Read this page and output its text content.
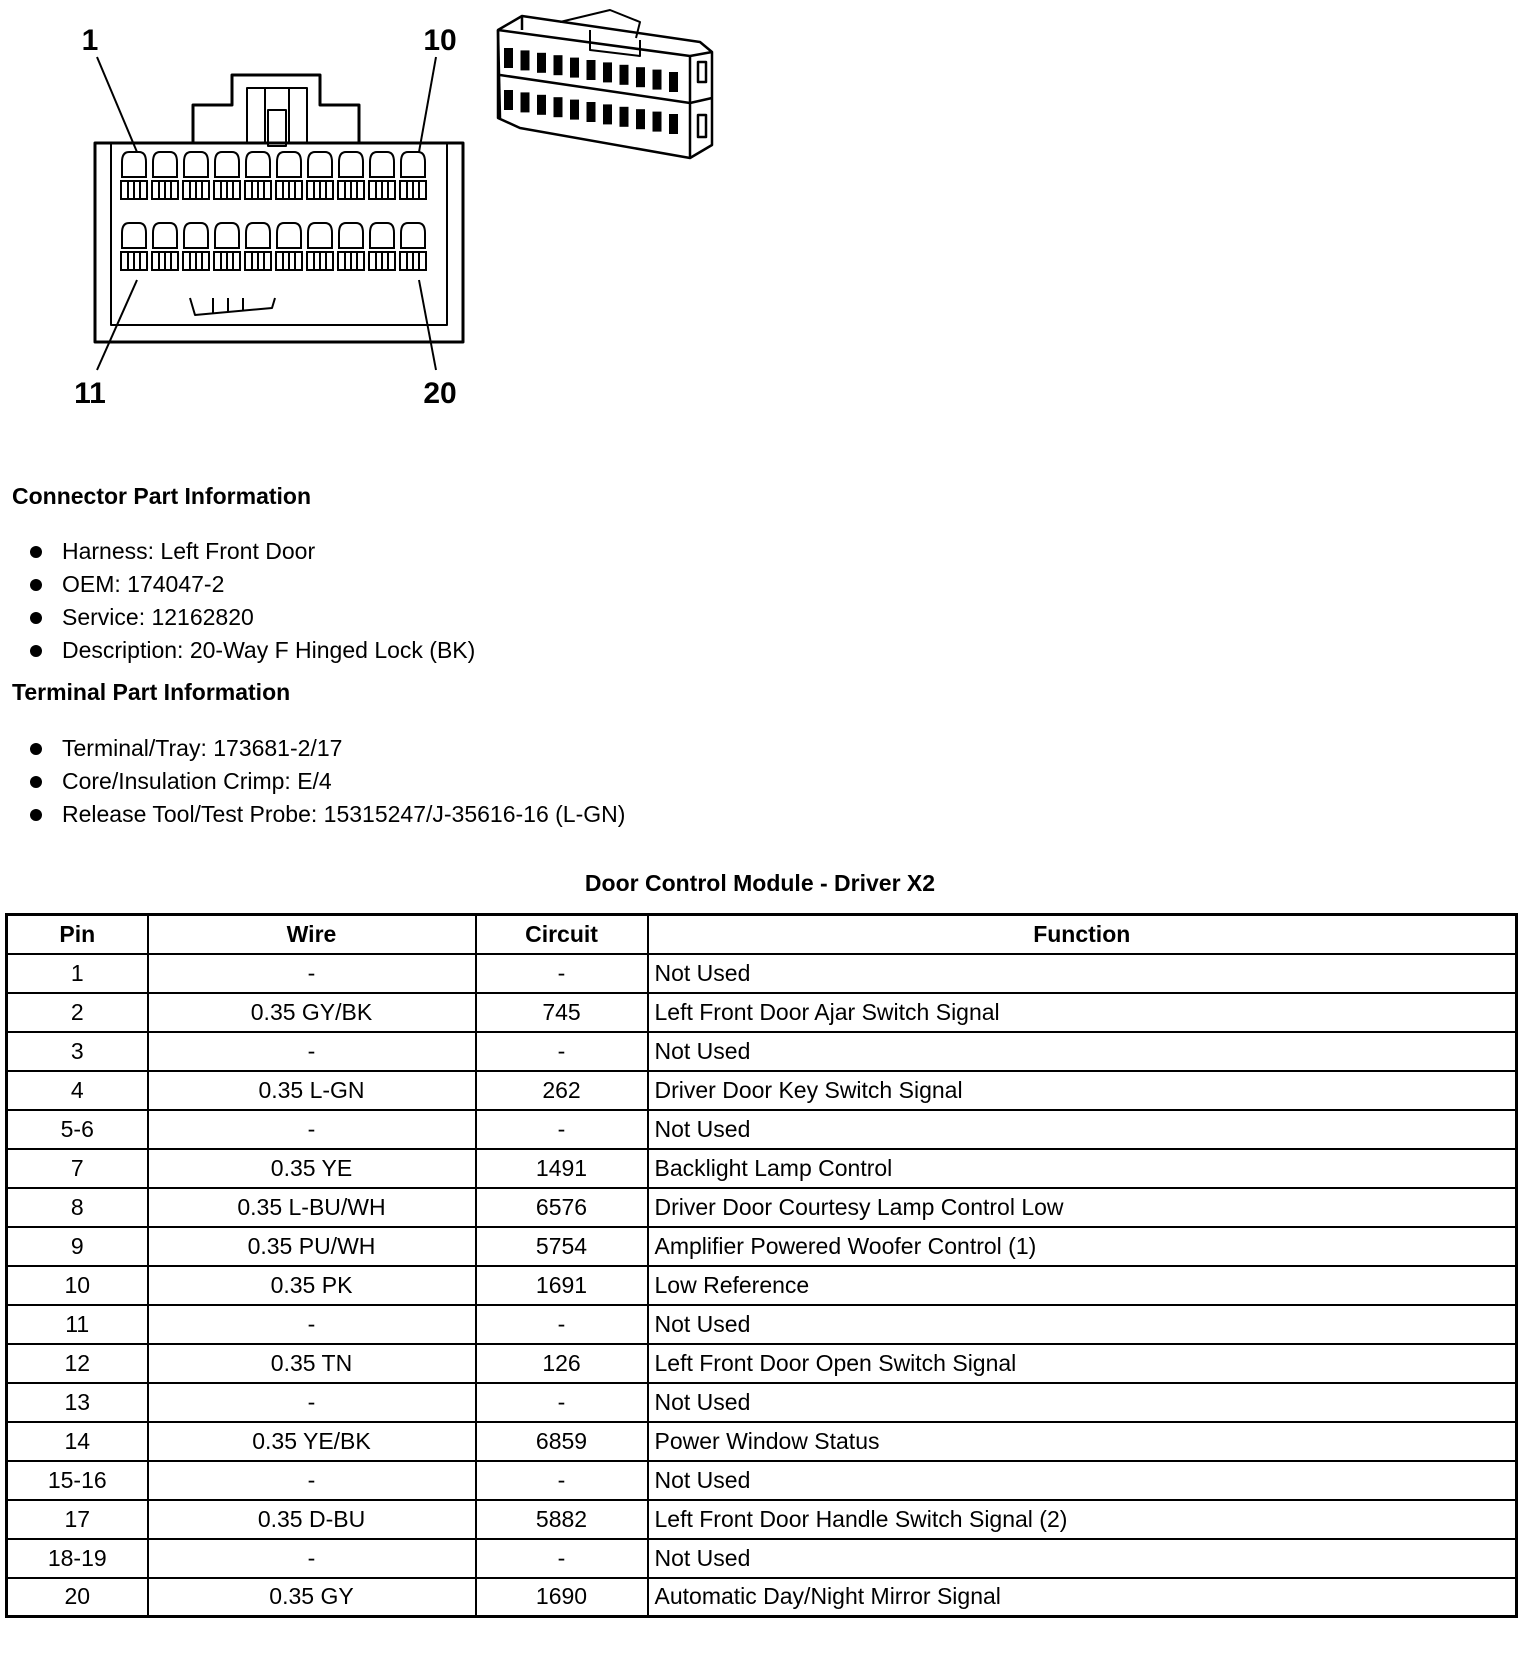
1	10
11	20
Connector Part Information
Harness: Left Front Door
OEM: 174047-2
Service: 12162820
Description: 20-Way F Hinged Lock (BK)
Terminal Part Information
Terminal/Tray: 173681-2/17
Core/Insulation Crimp: E/4
Release Tool/Test Probe: 15315247/J-35616-16 (L-GN)
Door Control Module - Driver X2
Pin	Wire	Circuit	Function
1	-	-	Not Used
2	0.35 GY/BK	745	Left Front Door Ajar Switch Signal
3	-	-	Not Used
4	0.35 L-GN	262	Driver Door Key Switch Signal
5-6	-	-	Not Used
7	0.35 YE	1491	Backlight Lamp Control
8	0.35 L-BU/WH	6576	Driver Door Courtesy Lamp Control Low
9	0.35 PU/WH	5754	Amplifier Powered Woofer Control (1)
10	0.35 PK	1691	Low Reference
11	-	-	Not Used
12	0.35 TN	126	Left Front Door Open Switch Signal
13	-	-	Not Used
14	0.35 YE/BK	6859	Power Window Status
15-16	-	-	Not Used
17	0.35 D-BU	5882	Left Front Door Handle Switch Signal (2)
18-19	-	-	Not Used
20	0.35 GY	1690	Automatic Day/Night Mirror Signal
